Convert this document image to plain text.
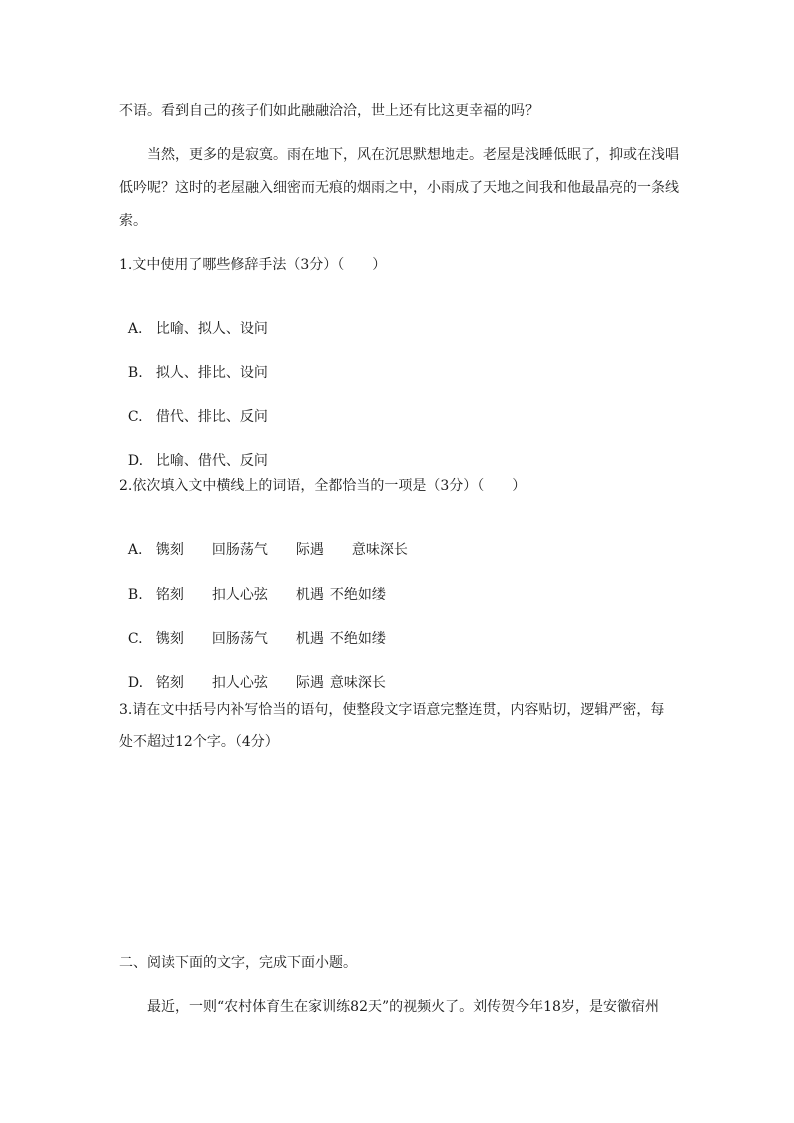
不语。看到自己的孩子们如此融融洽洽，世上还有比这更幸福的吗？
当然，更多的是寂寞。雨在地下，风在沉思默想地走。老屋是浅睡低眠了，抑或在浅唱
低吟呢？这时的老屋融入细密而无痕的烟雨之中，小雨成了天地之间我和他最晶亮的一条线
索。
1.文中使用了哪些修辞手法（3分）（　　）

A. 比喻、拟人、设问

B. 拟人、排比、设问

C. 借代、排比、反问

D. 比喻、借代、反问

2.依次填入文中横线上的词语，全都恰当的一项是（3分）（　　）

A. 镌刻 回肠荡气 际遇 意味深长

B. 铭刻 扣人心弦 机遇 不绝如缕

C. 镌刻 回肠荡气 机遇 不绝如缕

D. 铭刻 扣人心弦 际遇 意味深长

3.请在文中括号内补写恰当的语句，使整段文字语意完整连贯，内容贴切，逻辑严密，每
处不超过12个字。（4分）
二、阅读下面的文字，完成下面小题。
最近，一则“农村体育生在家训练82天”的视频火了。刘传贺今年18岁，是安徽宿州
